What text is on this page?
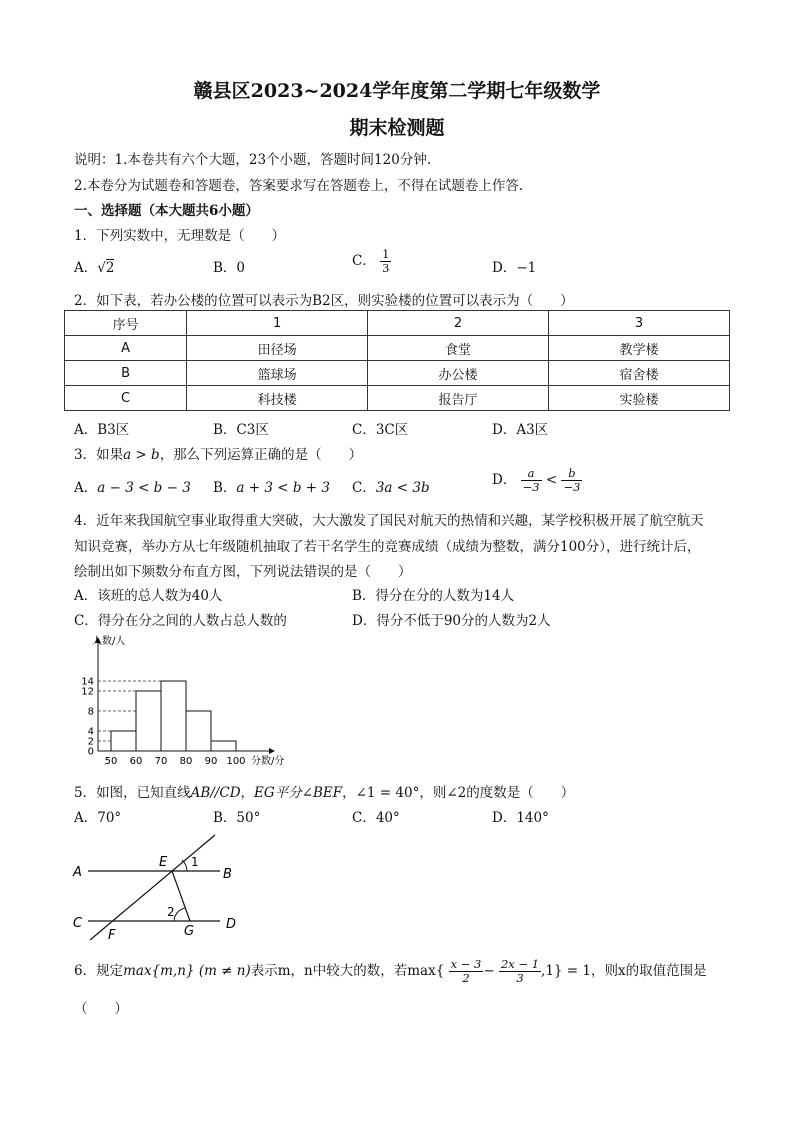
赣县区2023~2024学年度第二学期七年级数学
期末检测题
说明：1.本卷共有六个大题，23个小题，答题时间120分钟.
2.本卷分为试题卷和答题卷，答案要求写在答题卷上，不得在试题卷上作答.
一、选择题（本大题共6小题）
1．下列实数中，无理数是（　　）
A．√2	B．0	C． $\frac{1}{3}$	D．−1
2．如下表，若办公楼的位置可以表示为B2区，则实验楼的位置可以表示为（　　）
序号	1	2	3
A	田径场	食堂	教学楼
B	篮球场	办公楼	宿舍楼
C	科技楼	报告厅	实验楼
A．B3区	B．C3区	C．3C区	D．A3区
3．如果a > b，那么下列运算正确的是（　　）
A．a − 3 < b − 3 B．a + 3 < b + 3 C．3a < 3b	D． $\frac{a}{-3} < \frac{b}{-3}$
4．近年来我国航空事业取得重大突破，大大激发了国民对航天的热情和兴趣，某学校积极开展了航空航天
知识竞赛，举办方从七年级随机抽取了若干名学生的竞赛成绩（成绩为整数，满分100分），进行统计后，
绘制出如下频数分布直方图，下列说法错误的是（　　）
A．该班的总人数为40人	B．得分在分的人数为14人
C．得分在分之间的人数占总人数的	D．得分不低于90分的人数为2人
人数/人
分数/分
0
2
4
8
12
14
50 60 70 80 90 100
5．如图，已知直线AB//CD，EG平分∠BEF，∠1 = 40°，则∠2的度数是（　　）
A．70°	B．50°	C．40°	D．140°
A	B
C	D
E
F	G
1
2
6．规定max{m,n} (m ≠ n)表示m，n中较大的数，若$\max\{ \frac{x - 3}{2} - \frac{2x - 1}{3} ,1\} = 1$，则x的取值范围是
（　　）
